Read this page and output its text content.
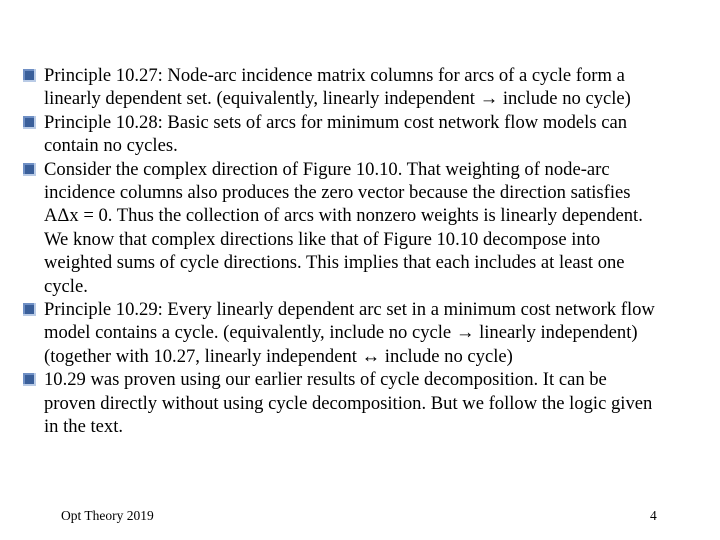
Principle 10.27: Node-arc incidence matrix columns for arcs of a cycle form a
linearly dependent set. (equivalently, linearly independent → include no cycle)
Principle 10.28: Basic sets of arcs for minimum cost network flow models can
contain no cycles.
Consider the complex direction of Figure 10.10. That weighting of node-arc
incidence columns also produces the zero vector because the direction satisfies
AΔx = 0. Thus the collection of arcs with nonzero weights is linearly dependent.
We know that complex directions like that of Figure 10.10 decompose into
weighted sums of cycle directions. This implies that each includes at least one
cycle.
Principle 10.29: Every linearly dependent arc set in a minimum cost network flow
model contains a cycle. (equivalently, include no cycle → linearly independent)
(together with 10.27, linearly independent ↔ include no cycle)
10.29 was proven using our earlier results of cycle decomposition. It can be
proven directly without using cycle decomposition. But we follow the logic given
in the text.
Opt Theory 2019	4
